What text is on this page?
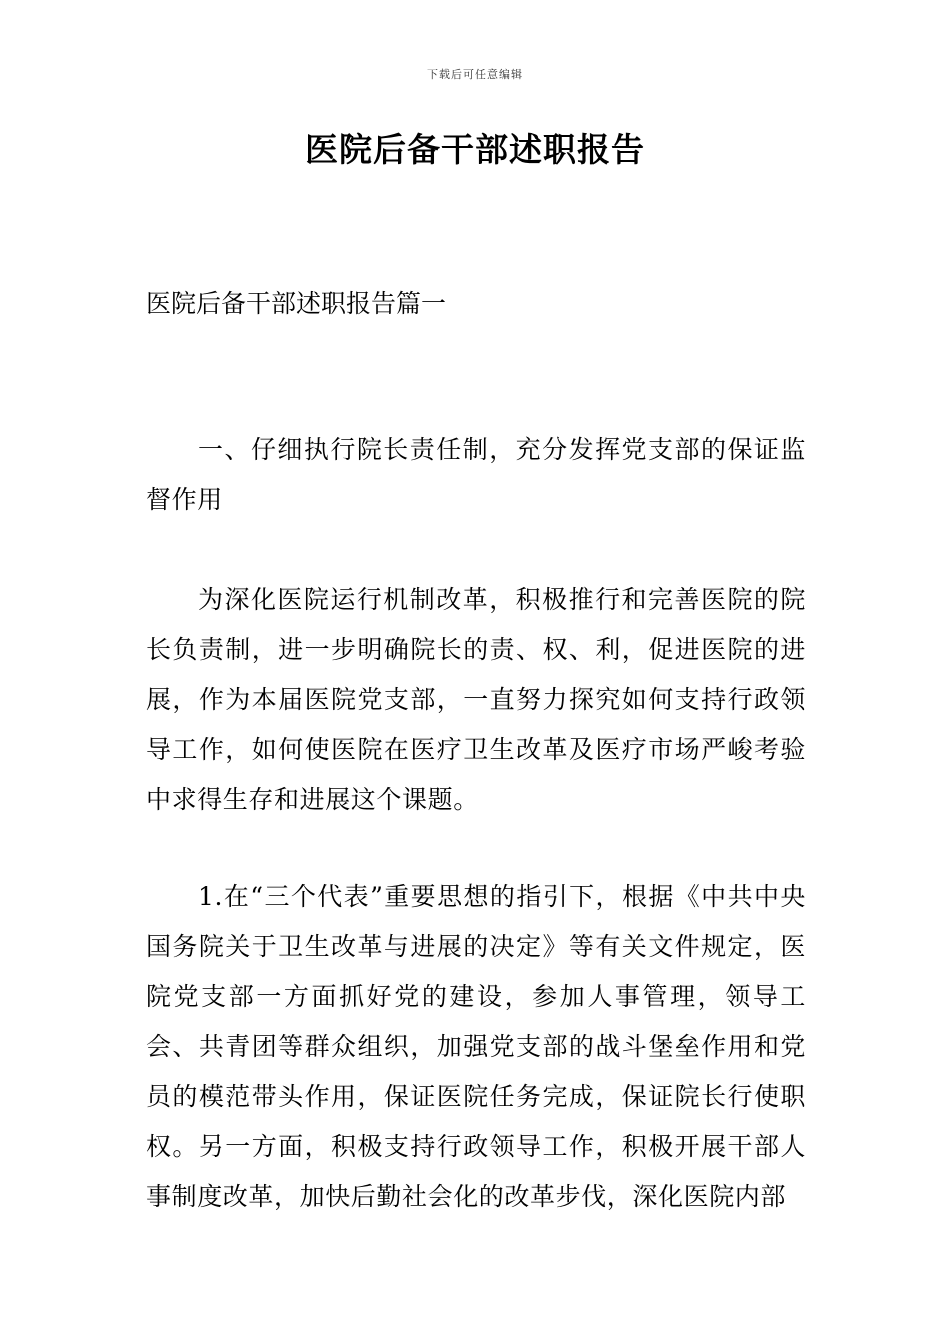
下载后可任意编辑
医院后备干部述职报告
医院后备干部述职报告篇一

一、仔细执行院长责任制，充分发挥党支部的保证监督作用

为深化医院运行机制改革，积极推行和完善医院的院长负责制，进一步明确院长的责、权、利，促进医院的进展，作为本届医院党支部，一直努力探究如何支持行政领导工作，如何使医院在医疗卫生改革及医疗市场严峻考验中求得生存和进展这个课题。

1.在“三个代表”重要思想的指引下，根据《中共中央国务院关于卫生改革与进展的决定》等有关文件规定，医院党支部一方面抓好党的建设，参加人事管理，领导工会、共青团等群众组织，加强党支部的战斗堡垒作用和党员的模范带头作用，保证医院任务完成，保证院长行使职权。另一方面，积极支持行政领导工作，积极开展干部人事制度改革，加快后勤社会化的改革步伐，深化医院内部
